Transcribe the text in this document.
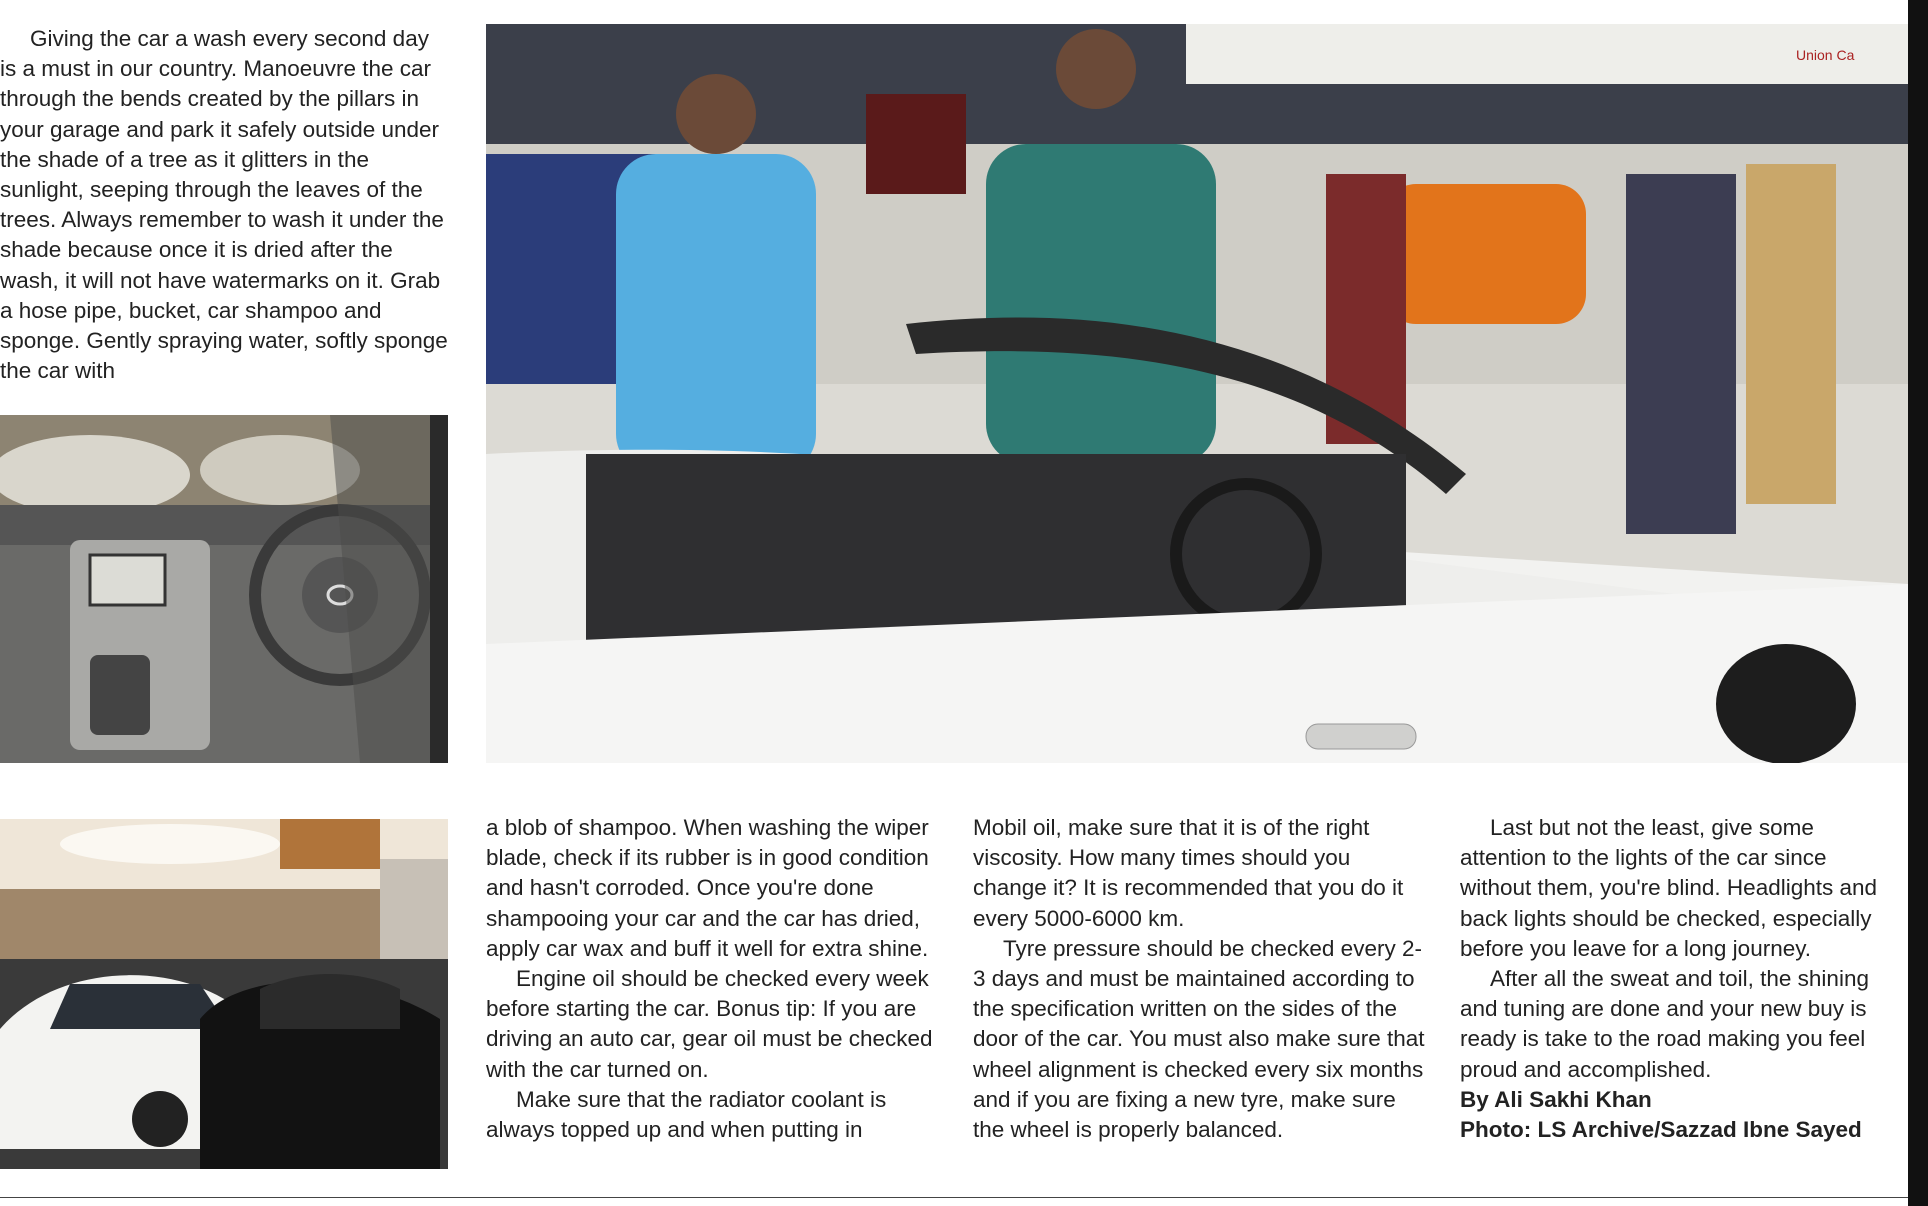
Giving the car a wash every second day is a must in our country. Manoeuvre the car through the bends created by the pillars in your garage and park it safely outside under the shade of a tree as it glitters in the sunlight, seeping through the leaves of the trees. Always remember to wash it under the shade because once it is dried after the wash, it will not have watermarks on it. Grab a hose pipe, bucket, car shampoo and sponge. Gently spraying water, softly sponge the car with

Union Ca

a blob of shampoo. When washing the wiper blade, check if its rubber is in good condition and hasn't corroded. Once you're done shampooing your car and the car has dried, apply car wax and buff it well for extra shine.

Engine oil should be checked every week before starting the car. Bonus tip: If you are driving an auto car, gear oil must be checked with the car turned on.

Make sure that the radiator coolant is always topped up and when putting in

Mobil oil, make sure that it is of the right viscosity. How many times should you change it? It is recommended that you do it every 5000-6000 km.

Tyre pressure should be checked every 2-3 days and must be maintained according to the specification written on the sides of the door of the car. You must also make sure that wheel alignment is checked every six months and if you are fixing a new tyre, make sure the wheel is properly balanced.

Last but not the least, give some attention to the lights of the car since without them, you're blind. Headlights and back lights should be checked, especially before you leave for a long journey.

After all the sweat and toil, the shining and tuning are done and your new buy is ready is take to the road making you feel proud and accomplished.

By Ali Sakhi Khan

Photo: LS Archive/Sazzad Ibne Sayed
